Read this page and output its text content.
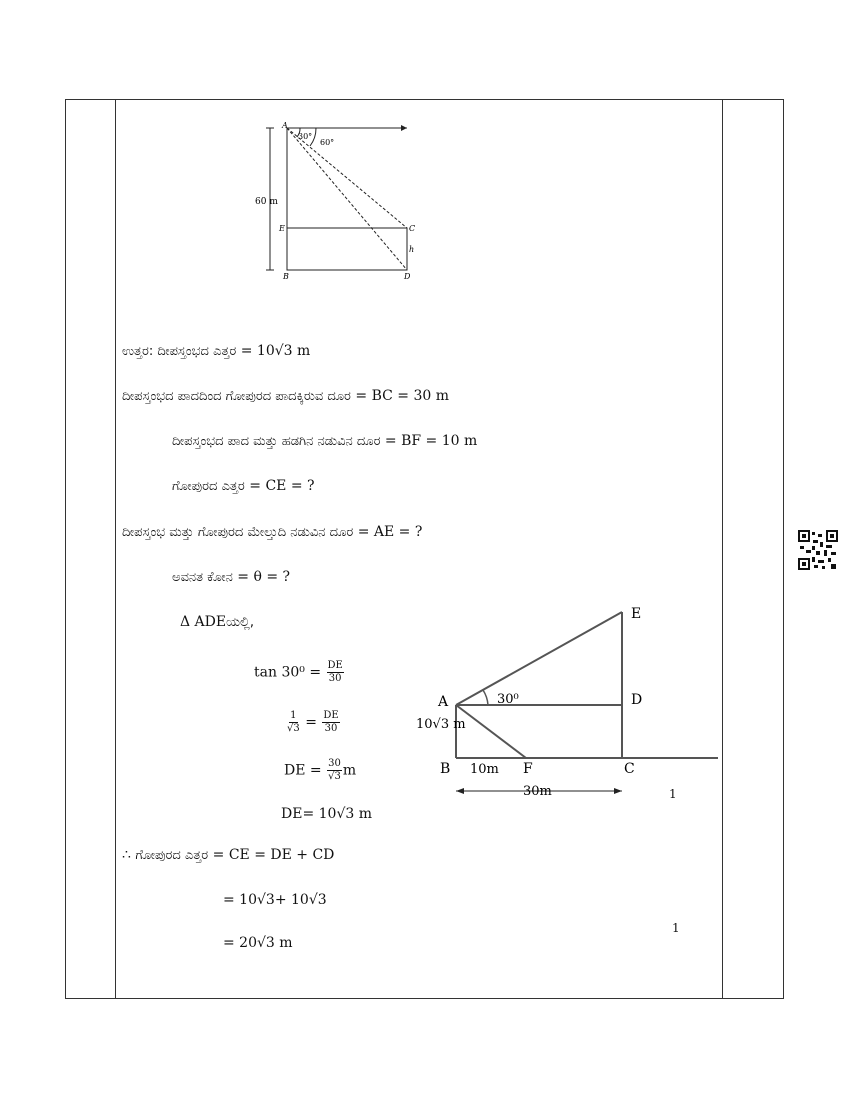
A
30°
60°
60 m
E	C
h
B	D
ಉತ್ತರ: ದೀಪಸ್ತಂಭದ ಎತ್ತರ = 10√3 m
ದೀಪಸ್ತಂಭದ ಪಾದದಿಂದ ಗೋಪುರದ ಪಾದಕ್ಕಿರುವ ದೂರ = BC = 30 m
ದೀಪಸ್ತಂಭದ ಪಾದ ಮತ್ತು ಹಡಗಿನ ನಡುವಿನ ದೂರ = BF = 10 m
ಗೋಪುರದ ಎತ್ತರ = CE = ?
ದೀಪಸ್ತಂಭ ಮತ್ತು ಗೋಪುರದ ಮೇಲ್ತುದಿ ನಡುವಿನ ದೂರ = AE = ?
ಅವನತ ಕೋನ = θ = ?
Δ ADEಯಲ್ಲಿ,
$\tan 30^0 = \frac{DE}{30}$
$\frac{1}{√3} = \frac{DE}{30}$
DE = $\frac{30}{√3}$ m
DE= 10√3 m
∴ ಗೋಪುರದ ಎತ್ತರ = CE = DE + CD
= 10√3+ 10√3
= 20√3 m
E
A	30⁰	D
10√3 m
B 10m F	C
30m	1
1
